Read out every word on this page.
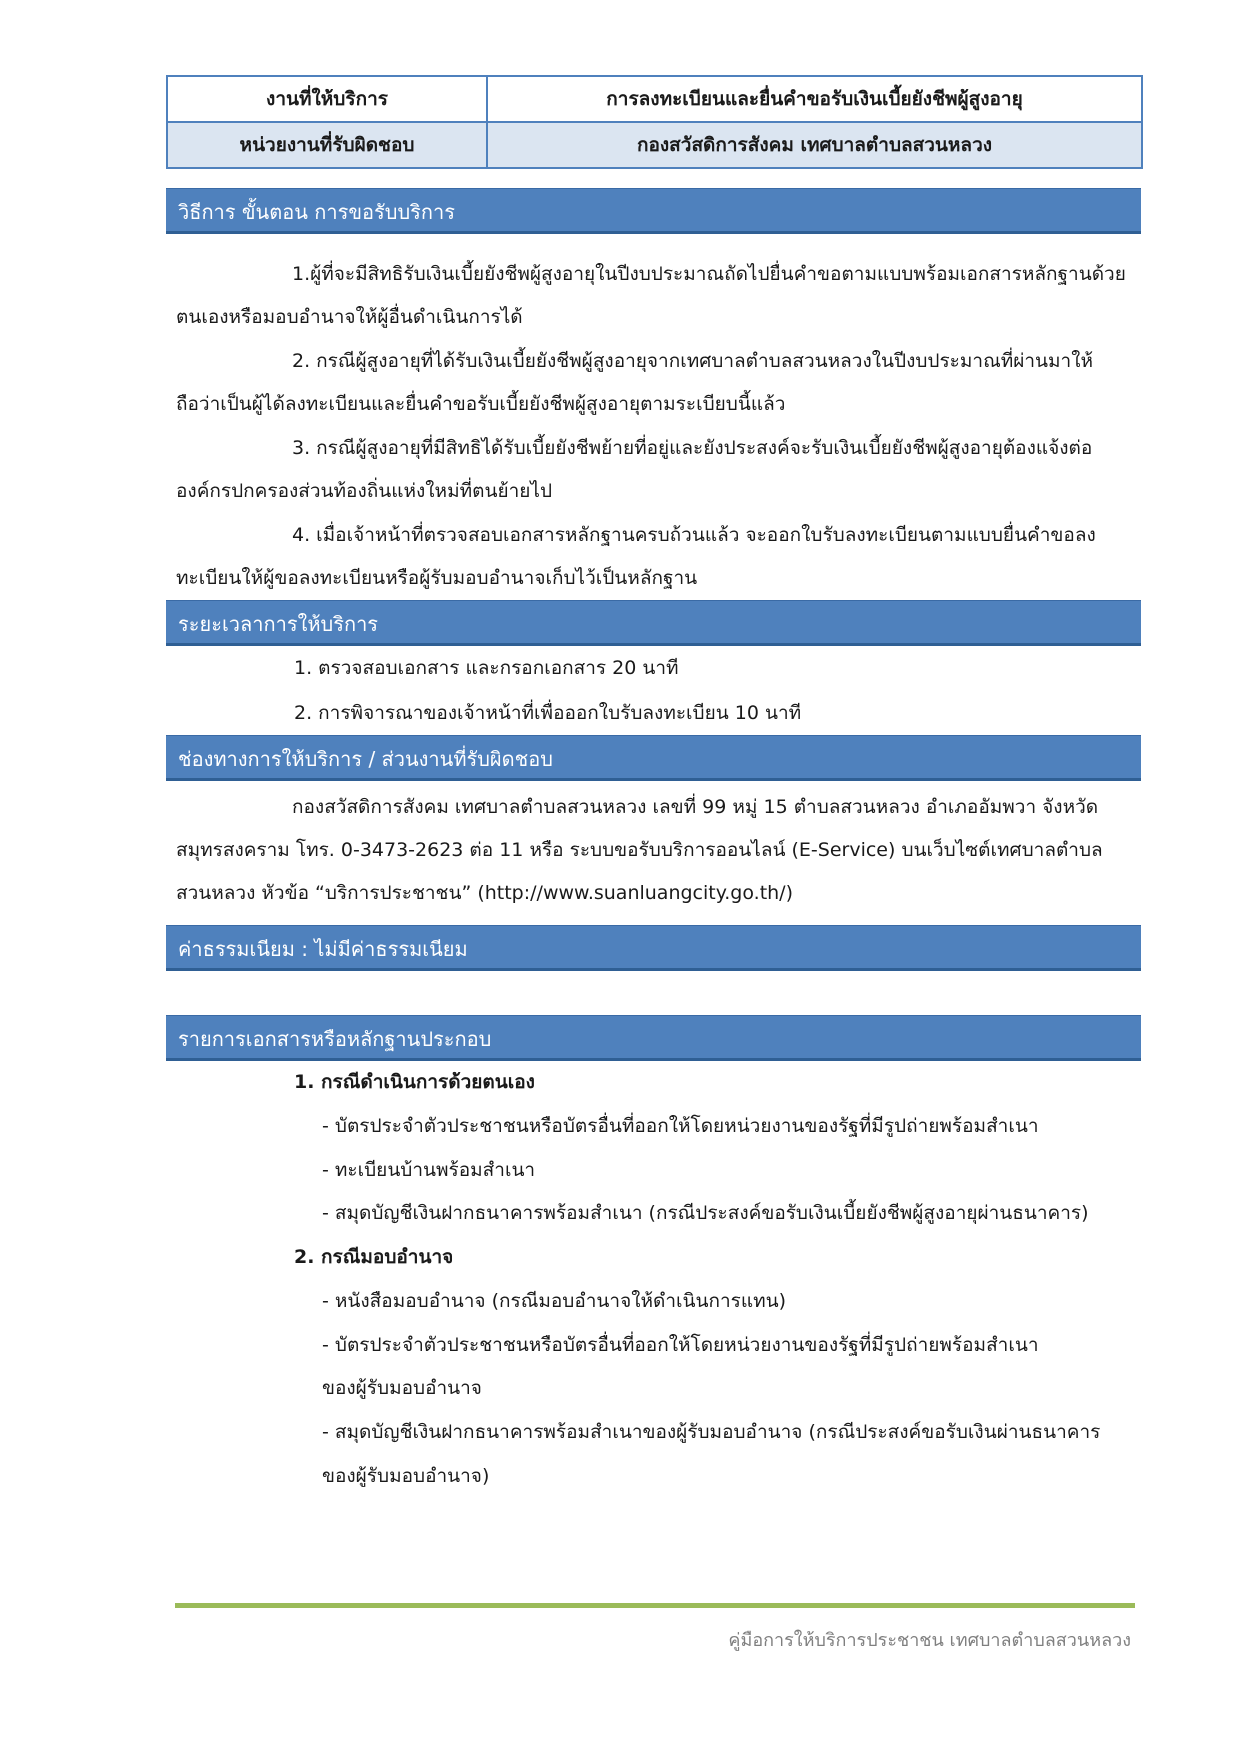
งานที่ให้บริการ	การลงทะเบียนและยื่นคำขอรับเงินเบี้ยยังชีพผู้สูงอายุ
หน่วยงานที่รับผิดชอบ	กองสวัสดิการสังคม เทศบาลตำบลสวนหลวง
วิธีการ ขั้นตอน การขอรับบริการ

1.ผู้ที่จะมีสิทธิรับเงินเบี้ยยังชีพผู้สูงอายุในปีงบประมาณถัดไปยื่นคำขอตามแบบพร้อมเอกสารหลักฐานด้วยตนเองหรือมอบอำนาจให้ผู้อื่นดำเนินการได้

2. กรณีผู้สูงอายุที่ได้รับเงินเบี้ยยังชีพผู้สูงอายุจากเทศบาลตำบลสวนหลวงในปีงบประมาณที่ผ่านมาให้ถือว่าเป็นผู้ได้ลงทะเบียนและยื่นคำขอรับเบี้ยยังชีพผู้สูงอายุตามระเบียบนี้แล้ว

3. กรณีผู้สูงอายุที่มีสิทธิได้รับเบี้ยยังชีพย้ายที่อยู่และยังประสงค์จะรับเงินเบี้ยยังชีพผู้สูงอายุต้องแจ้งต่อองค์กรปกครองส่วนท้องถิ่นแห่งใหม่ที่ตนย้ายไป

4. เมื่อเจ้าหน้าที่ตรวจสอบเอกสารหลักฐานครบถ้วนแล้ว จะออกใบรับลงทะเบียนตามแบบยื่นคำขอลงทะเบียนให้ผู้ขอลงทะเบียนหรือผู้รับมอบอำนาจเก็บไว้เป็นหลักฐาน

ระยะเวลาการให้บริการ
1. ตรวจสอบเอกสาร และกรอกเอกสาร 20 นาที
2. การพิจารณาของเจ้าหน้าที่เพื่อออกใบรับลงทะเบียน 10 นาที
ช่องทางการให้บริการ / ส่วนงานที่รับผิดชอบ

กองสวัสดิการสังคม เทศบาลตำบลสวนหลวง เลขที่ 99 หมู่ 15 ตำบลสวนหลวง อำเภออัมพวา จังหวัดสมุทรสงคราม โทร. 0-3473-2623 ต่อ 11 หรือ ระบบขอรับบริการออนไลน์ (E-Service) บนเว็บไซต์เทศบาลตำบลสวนหลวง หัวข้อ “บริการประชาชน” (http://www.suanluangcity.go.th/)

ค่าธรรมเนียม : ไม่มีค่าธรรมเนียม
รายการเอกสารหรือหลักฐานประกอบ
1. กรณีดำเนินการด้วยตนเอง
- บัตรประจำตัวประชาชนหรือบัตรอื่นที่ออกให้โดยหน่วยงานของรัฐที่มีรูปถ่ายพร้อมสำเนา
- ทะเบียนบ้านพร้อมสำเนา
- สมุดบัญชีเงินฝากธนาคารพร้อมสำเนา (กรณีประสงค์ขอรับเงินเบี้ยยังชีพผู้สูงอายุผ่านธนาคาร)
2. กรณีมอบอำนาจ
- หนังสือมอบอำนาจ (กรณีมอบอำนาจให้ดำเนินการแทน)
- บัตรประจำตัวประชาชนหรือบัตรอื่นที่ออกให้โดยหน่วยงานของรัฐที่มีรูปถ่ายพร้อมสำเนา
ของผู้รับมอบอำนาจ
- สมุดบัญชีเงินฝากธนาคารพร้อมสำเนาของผู้รับมอบอำนาจ (กรณีประสงค์ขอรับเงินผ่านธนาคาร
ของผู้รับมอบอำนาจ)
คู่มือการให้บริการประชาชน เทศบาลตำบลสวนหลวง
